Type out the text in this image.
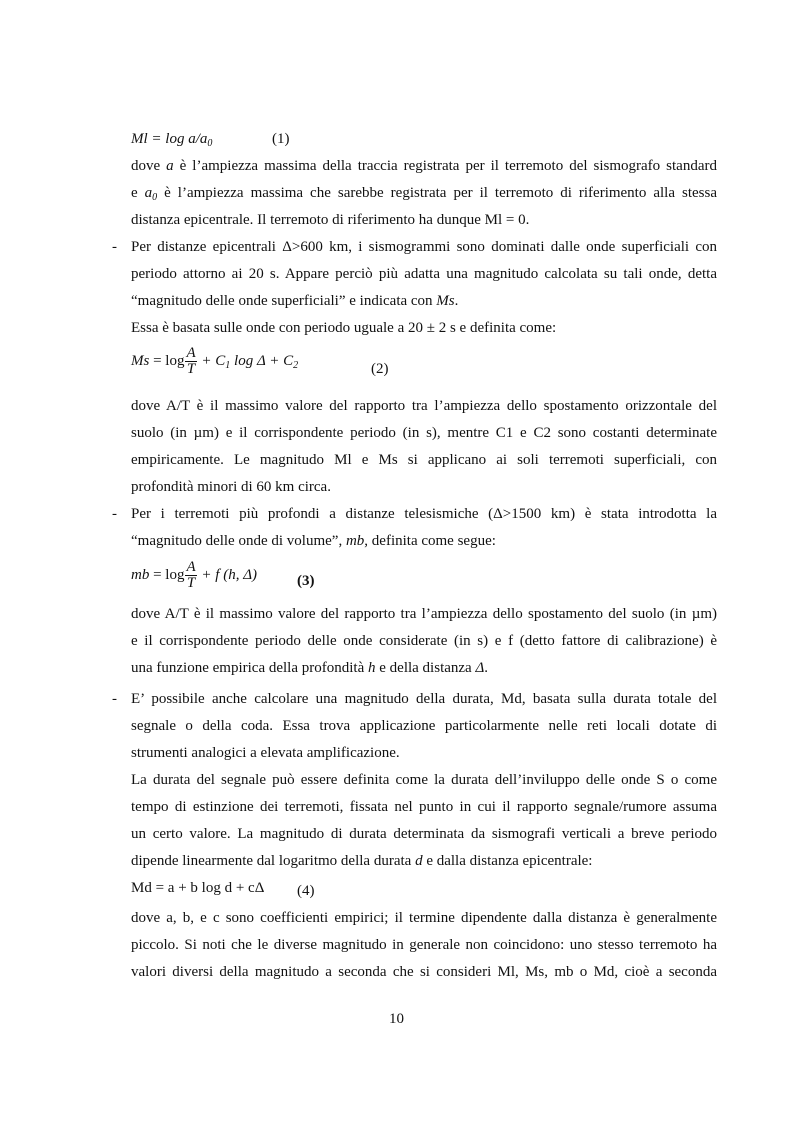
$Ml = \log a/a_0$	(1)
dove a è l’ampiezza massima della traccia registrata per il terremoto del sismografo standard
e $a_0$ è l’ampiezza massima che sarebbe registrata per il terremoto di riferimento alla stessa
distanza epicentrale. Il terremoto di riferimento ha dunque Ml = 0.
- Per distanze epicentrali Δ>600 km, i sismogrammi sono dominati dalle onde superficiali con
periodo attorno ai 20 s. Appare perciò più adatta una magnitudo calcolata su tali onde, detta
“magnitudo delle onde superficiali” e indicata con Ms.
Essa è basata sulle onde con periodo uguale a 20 ± 2 s e definita come:
$Ms = \log \frac{A}{T} + C_1$ $\log \Delta + C_2$	(2)
dove A/T è il massimo valore del rapporto tra l’ampiezza dello spostamento orizzontale del
suolo (in µm) e il corrispondente periodo (in s), mentre C1 e C2 sono costanti determinate
empiricamente. Le magnitudo Ml e Ms si applicano ai soli terremoti superficiali, con
profondità minori di 60 km circa.
- Per i terremoti più profondi a distanze telesismiche (Δ>1500 km) è stata introdotta la
“magnitudo delle onde di volume”, mb, definita come segue:
mb = $\log \frac{A}{T} + f$ (h, Δ)	(3)
dove A/T è il massimo valore del rapporto tra l’ampiezza dello spostamento del suolo (in µm)
e il corrispondente periodo delle onde considerate (in s) e f (detto fattore di calibrazione) è
una funzione empirica della profondità h e della distanza Δ.
- E’ possibile anche calcolare una magnitudo della durata, Md, basata sulla durata totale del
segnale o della coda. Essa trova applicazione particolarmente nelle reti locali dotate di
strumenti analogici a elevata amplificazione.
La durata del segnale può essere definita come la durata dell’inviluppo delle onde S o come
tempo di estinzione dei terremoti, fissata nel punto in cui il rapporto segnale/rumore assuma
un certo valore. La magnitudo di durata determinata da sismografi verticali a breve periodo
dipende linearmente dal logaritmo della durata d e dalla distanza epicentrale:
Md = a + b log d + cΔ (4)
dove a, b, e c sono coefficienti empirici; il termine dipendente dalla distanza è generalmente
piccolo. Si noti che le diverse magnitudo in generale non coincidono: uno stesso terremoto ha
valori diversi della magnitudo a seconda che si consideri Ml, Ms, mb o Md, cioè a seconda
10
